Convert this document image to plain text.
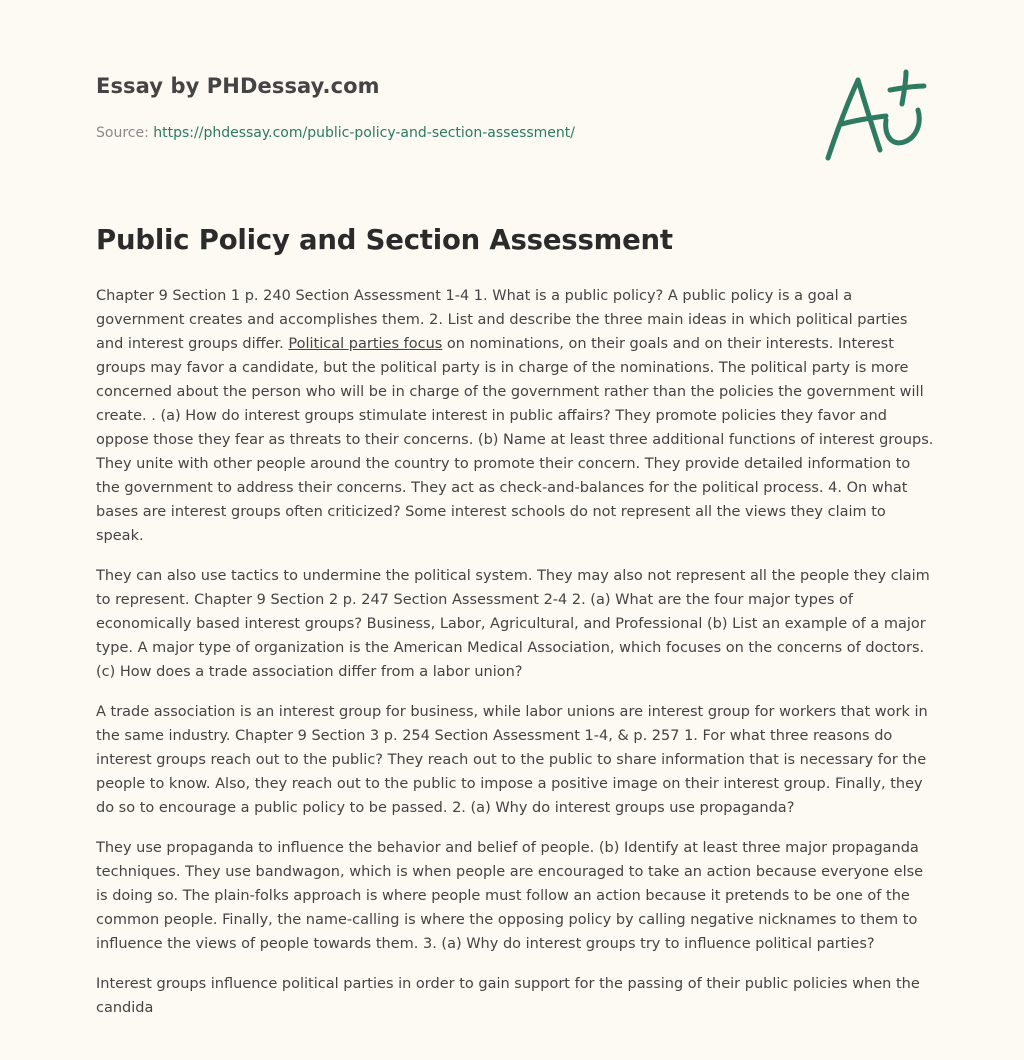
Essay by PHDessay.com
Source: https://phdessay.com/public-policy-and-section-assessment/
Public Policy and Section Assessment

Chapter 9 Section 1 p. 240 Section Assessment 1-4 1. What is a public policy? A public policy is a goal a government creates and accomplishes them. 2. List and describe the three main ideas in which political parties and interest groups differ. Political parties focus on nominations, on their goals and on their interests. Interest groups may favor a candidate, but the political party is in charge of the nominations. The political party is more concerned about the person who will be in charge of the government rather than the policies the government will create. . (a) How do interest groups stimulate interest in public affairs? They promote policies they favor and oppose those they fear as threats to their concerns. (b) Name at least three additional functions of interest groups. They unite with other people around the country to promote their concern. They provide detailed information to the government to address their concerns. They act as check-and-balances for the political process. 4. On what bases are interest groups often criticized? Some interest schools do not represent all the views they claim to speak.

They can also use tactics to undermine the political system. They may also not represent all the people they claim to represent. Chapter 9 Section 2 p. 247 Section Assessment 2-4 2. (a) What are the four major types of economically based interest groups? Business, Labor, Agricultural, and Professional (b) List an example of a major type. A major type of organization is the American Medical Association, which focuses on the concerns of doctors. (c) How does a trade association differ from a labor union?

A trade association is an interest group for business, while labor unions are interest group for workers that work in the same industry. Chapter 9 Section 3 p. 254 Section Assessment 1-4, & p. 257 1. For what three reasons do interest groups reach out to the public? They reach out to the public to share information that is necessary for the people to know. Also, they reach out to the public to impose a positive image on their interest group. Finally, they do so to encourage a public policy to be passed. 2. (a) Why do interest groups use propaganda?

They use propaganda to influence the behavior and belief of people. (b) Identify at least three major propaganda techniques. They use bandwagon, which is when people are encouraged to take an action because everyone else is doing so. The plain-folks approach is where people must follow an action because it pretends to be one of the common people. Finally, the name-calling is where the opposing policy by calling negative nicknames to them to influence the views of people towards them. 3. (a) Why do interest groups try to influence political parties?

Interest groups influence political parties in order to gain support for the passing of their public policies when the candida
